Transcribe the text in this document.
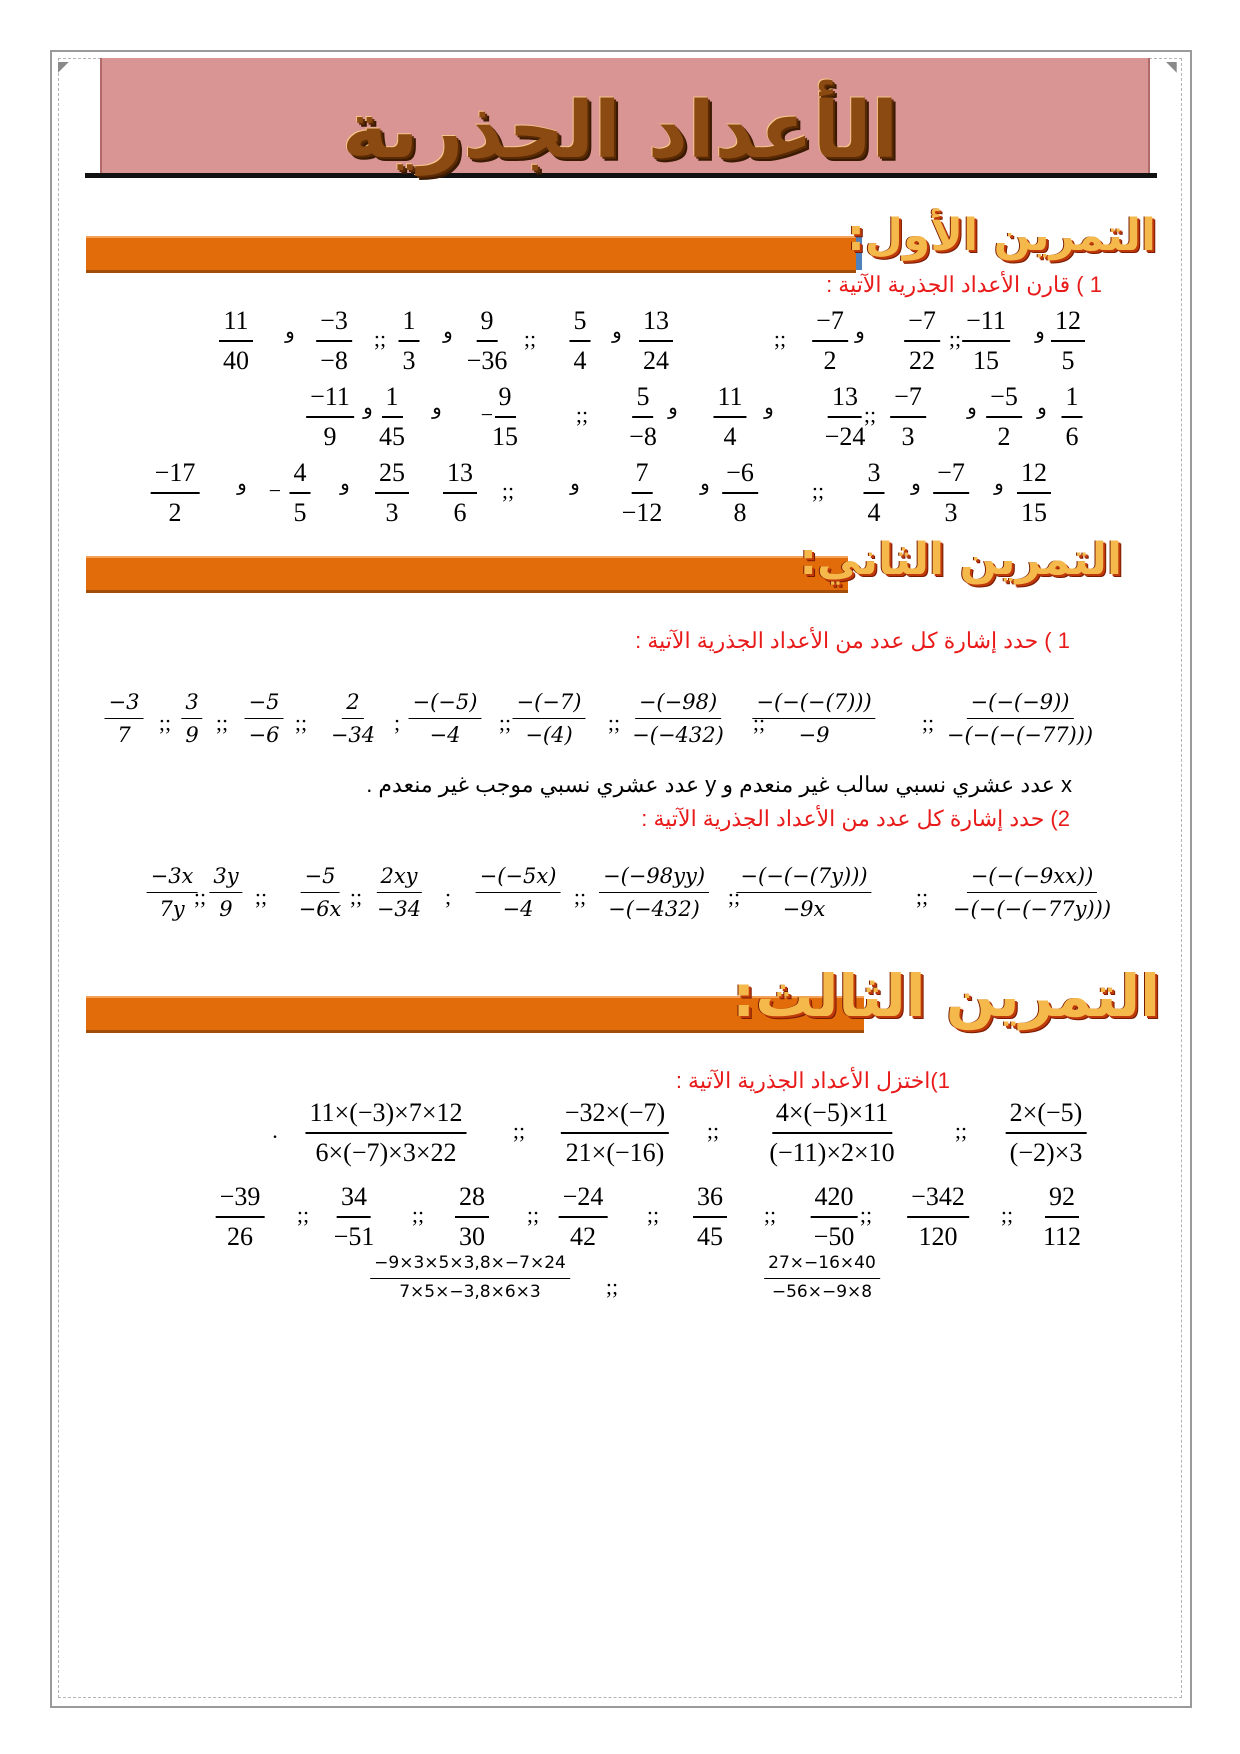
◤	◥
الأعداد الجذرية
التمرين الأول:
1 ) قارن الأعداد الجذرية الآتية :
$\frac{12}{5}$
و
$\frac{-11}{15}$
;;
$\frac{-7}{22}$
و
$\frac{-7}{2}$
;;
$\frac{13}{24}$
و
$\frac{5}{4}$
;;
$\frac{9}{-36}$
و
$\frac{1}{3}$
;;
$\frac{-3}{-8}$
و
$\frac{11}{40}$
$\frac{1}{6}$
و
$\frac{-5}{2}$
و
$\frac{-7}{3}$
;;
$\frac{13}{-24}$
و
$\frac{11}{4}$
و
$\frac{5}{-8}$
;;
$\frac{9}{15}$
−
و
$\frac{1}{45}$
و
$\frac{-11}{9}$
$\frac{12}{15}$
و
$\frac{-7}{3}$
و
$\frac{3}{4}$
;;
$\frac{-6}{8}$
و
$\frac{7}{-12}$
و
;;
$\frac{13}{6}$
$\frac{25}{3}$
و
$\frac{4}{5}$
−
و
$\frac{-17}{2}$
التمرين الثاني:
1 ) حدد إشارة كل عدد من الأعداد الجذرية الآتية :
$\frac{-(-(-9))}{-(-(-(-77)))}$
;;
$\frac{-(-(-(7)))}{-9}$
;;
$\frac{-(-98)}{-(-432)}$
;;
$\frac{-(-7)}{-(4)}$
;;
$\frac{-(-5)}{-4}$
;
$\frac{2}{-34}$
;;
$\frac{-5}{-6}$
;;
$\frac{3}{9}$
;;
$\frac{-3}{7}$
x عدد عشري نسبي سالب غير منعدم و y عدد عشري نسبي موجب غير منعدم .
2) حدد إشارة كل عدد من الأعداد الجذرية الآتية :
$\frac{-(-(-9xx))}{-(-(-(-77y)))}$
;;
$\frac{-(-(-(7y)))}{-9x}$
;;
$\frac{-(-98yy)}{-(-432)}$
;;
$\frac{-(-5x)}{-4}$
;
$\frac{2xy}{-34}$
;;
$\frac{-5}{-6x}$
;;
$\frac{3y}{9}$
;;
$\frac{-3x}{7y}$
التمرين الثالث:
1)اختزل الأعداد الجذرية الآتية :
$\frac{2\times(-5)}{(-2)\times 3}$
;;
$\frac{4\times(-5)\times 11}{(-11)\times 2\times 10}$
;;
$\frac{-32\times(-7)}{21\times(-16)}$
;;
$\frac{11\times(-3)\times 7\times 12}{6\times(-7)\times 3\times 22}$
.
$\frac{92}{112}$
;;
$\frac{-342}{120}$
;;
$\frac{420}{-50}$
;;
$\frac{36}{45}$
;;
$\frac{-24}{42}$
;;
$\frac{28}{30}$
;;
$\frac{34}{-51}$
;;
$\frac{-39}{26}$
$\frac{27\times-16\times 40}{-56\times-9\times 8}$
;;
$\frac{-9\times 3\times 5\times 3,8\times-7\times 24}{7\times 5\times-3,8\times 6\times 3}$
